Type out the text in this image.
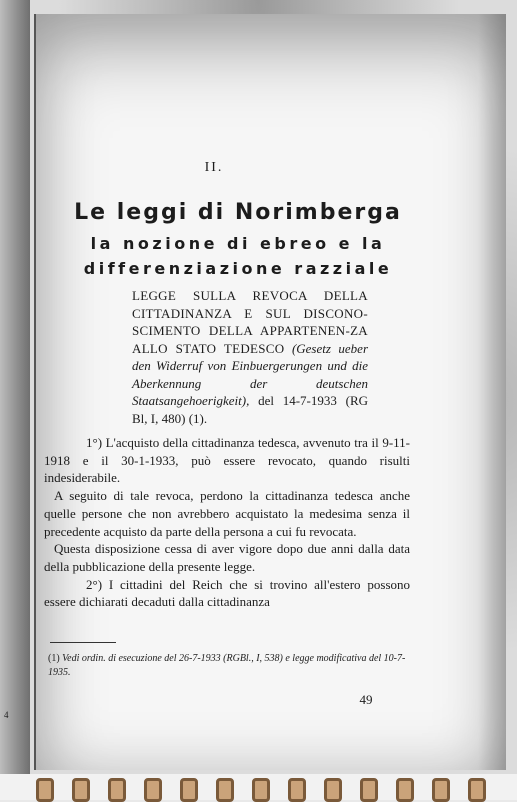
II.
Le leggi di Norimberga
la nozione di ebreo e la
differenziazione razziale
LEGGE SULLA REVOCA DELLA CITTADINANZA E SUL DISCONO-SCIMENTO DELLA APPARTENEN-ZA ALLO STATO TEDESCO (Gesetz ueber den Widerruf von Einbuergerungen und die Aberkennung der deutschen Staatsangehoerigkeit), del 14-7-1933 (RG Bl, I, 480) (1).

1°) L'acquisto della cittadinanza tedesca, avvenuto tra il 9-11-1918 e il 30-1-1933, può essere revocato, quando risulti indesiderabile.

A seguito di tale revoca, perdono la cittadinanza tedesca anche quelle persone che non avrebbero acquistato la medesima senza il precedente acquisto da parte della persona a cui fu revocata.

Questa disposizione cessa di aver vigore dopo due anni dalla data della pubblicazione della presente legge.

2°) I cittadini del Reich che si trovino all'estero possono essere dichiarati decaduti dalla cittadinanza

(1) Vedi ordin. di esecuzione del 26-7-1933 (RGBl., I, 538) e legge modificativa del 10-7-1935.
49
4
